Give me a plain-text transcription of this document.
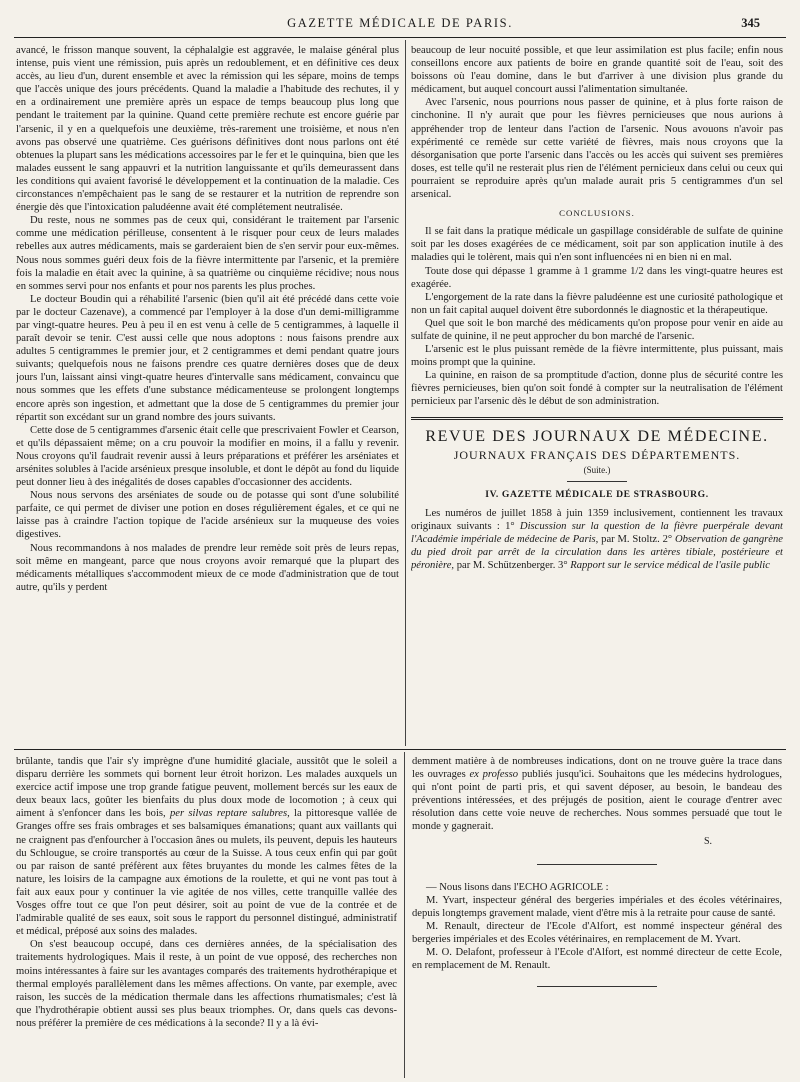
GAZETTE MÉDICALE DE PARIS.	345

avancé, le frisson manque souvent, la céphalalgie est aggravée, le malaise général plus intense, puis vient une rémission, puis après un redoublement, et en définitive ces deux accès, au lieu d'un, durent ensemble et avec la rémission qui les sépare, moins de temps que l'accès unique des jours précédents. Quand la maladie a l'habitude des rechutes, il y en a ordinairement une première après un espace de temps beaucoup plus long que pendant le traitement par la quinine. Quand cette première rechute est encore guérie par l'arsenic, il y en a quelquefois une deuxième, très-rarement une troisième, et nous n'en avons pas observé une quatrième. Ces guérisons définitives dont nous parlons ont été obtenues la plupart sans les médications accessoires par le fer et le quinquina, bien que les malades eussent le sang appauvri et la nutrition languissante et qu'ils demeurassent dans les conditions qui avaient favorisé le développement et la continuation de la maladie. Ces circonstances n'empêchaient pas le sang de se restaurer et la nutrition de reprendre son énergie dès que l'intoxication paludéenne avait été complétement neutralisée.

Du reste, nous ne sommes pas de ceux qui, considérant le traitement par l'arsenic comme une médication périlleuse, consentent à le risquer pour ceux de leurs malades rebelles aux autres médicaments, mais se garderaient bien de s'en servir pour eux-mêmes. Nous nous sommes guéri deux fois de la fièvre intermittente par l'arsenic, et la première fois la maladie en était avec la quinine, à sa quatrième ou cinquième récidive; nous nous en sommes servi pour nos enfants et pour nos parents les plus proches.

Le docteur Boudin qui a réhabilité l'arsenic (bien qu'il ait été précédé dans cette voie par le docteur Cazenave), a commencé par l'employer à la dose d'un demi-milligramme par vingt-quatre heures. Peu à peu il en est venu à celle de 5 centigrammes, à laquelle il paraît devoir se tenir. C'est aussi celle que nous adoptons : nous faisons prendre aux adultes 5 centigrammes le premier jour, et 2 centigrammes et demi pendant quatre jours suivants; quelquefois nous ne faisons prendre ces quatre dernières doses que de deux jours l'un, laissant ainsi vingt-quatre heures d'intervalle sans médicament, convaincu que nous sommes que les effets d'une substance médicamenteuse se prolongent longtemps encore après son ingestion, et admettant que la dose de 5 centigrammes du premier jour répartit son excédant sur un grand nombre des jours suivants.

Cette dose de 5 centigrammes d'arsenic était celle que prescrivaient Fowler et Cearson, et qu'ils dépassaient même; on a cru pouvoir la modifier en moins, il a fallu y revenir. Nous croyons qu'il faudrait revenir aussi à leurs préparations et préférer les arséniates et arsénites solubles à l'acide arsénieux presque insoluble, et dont le dépôt au fond du liquide peut donner lieu à des inégalités de doses capables d'occasionner des accidents.

Nous nous servons des arséniates de soude ou de potasse qui sont d'une solubilité parfaite, ce qui permet de diviser une potion en doses régulièrement égales, et ce qui ne laisse pas à craindre l'action topique de l'acide arsénieux sur la muqueuse des voies digestives.

Nous recommandons à nos malades de prendre leur remède soit près de leurs repas, soit même en mangeant, parce que nous croyons avoir remarqué que la plupart des médicaments métalliques s'accommodent mieux de ce mode d'administration que de tout autre, qu'ils y perdent

beaucoup de leur nocuité possible, et que leur assimilation est plus facile; enfin nous conseillons encore aux patients de boire en grande quantité soit de l'eau, soit des boissons où l'eau domine, dans le but d'arriver à une division plus grande du médicament, but auquel concourt aussi l'alimentation simultanée.

Avec l'arsenic, nous pourrions nous passer de quinine, et à plus forte raison de cinchonine. Il n'y aurait que pour les fièvres pernicieuses que nous aurions à appréhender trop de lenteur dans l'action de l'arsenic. Nous avouons n'avoir pas expérimenté ce remède sur cette variété de fièvres, mais nous croyons que la désorganisation que porte l'arsenic dans l'accès ou les accès qui suivent ses premières doses, est telle qu'il ne resterait plus rien de l'élément pernicieux dans celui ou ceux qui pourraient se reproduire après qu'un malade aurait pris 5 centigrammes d'un sel arsenical.

CONCLUSIONS.

Il se fait dans la pratique médicale un gaspillage considérable de sulfate de quinine soit par les doses exagérées de ce médicament, soit par son application inutile à des maladies qui le tolèrent, mais qui n'en sont influencées ni en bien ni en mal.

Toute dose qui dépasse 1 gramme à 1 gramme 1/2 dans les vingt-quatre heures est exagérée.

L'engorgement de la rate dans la fièvre paludéenne est une curiosité pathologique et non un fait capital auquel doivent être subordonnés le diagnostic et la thérapeutique.

Quel que soit le bon marché des médicaments qu'on propose pour venir en aide au sulfate de quinine, il ne peut approcher du bon marché de l'arsenic.

L'arsenic est le plus puissant remède de la fièvre intermittente, plus puissant, mais moins prompt que la quinine.

La quinine, en raison de sa promptitude d'action, donne plus de sécurité contre les fièvres pernicieuses, bien qu'on soit fondé à compter sur la neutralisation de l'élément pernicieux par l'arsenic dès le début de son administration.

REVUE DES JOURNAUX DE MÉDECINE.
JOURNAUX FRANÇAIS DES DÉPARTEMENTS.
(Suite.)
IV. GAZETTE MÉDICALE DE STRASBOURG.

Les numéros de juillet 1858 à juin 1359 inclusivement, contiennent les travaux originaux suivants : 1° Discussion sur la question de la fièvre puerpérale devant l'Académie impériale de médecine de Paris, par M. Stoltz. 2° Observation de gangrène du pied droit par arrêt de la circulation dans les artères tibiale, postérieure et péronière, par M. Schützenberger. 3° Rapport sur le service médical de l'asile public

brûlante, tandis que l'air s'y imprègne d'une humidité glaciale, aussitôt que le soleil a disparu derrière les sommets qui bornent leur étroit horizon. Les malades auxquels un exercice actif impose une trop grande fatigue peuvent, mollement bercés sur les eaux de deux beaux lacs, goûter les bienfaits du plus doux mode de locomotion ; à ceux qui aiment à s'enfoncer dans les bois, per silvas reptare salubres, la pittoresque vallée de Granges offre ses frais ombrages et ses balsamiques émanations; quant aux vaillants qui ne craignent pas d'enfourcher à l'occasion ânes ou mulets, ils peuvent, depuis les hauteurs du Schlougue, se croire transportés au cœur de la Suisse. A tous ceux enfin qui par goût ou par raison de santé préfèrent aux fêtes bruyantes du monde les calmes fêtes de la nature, les loisirs de la campagne aux émotions de la roulette, et qui ne vont pas tout à fait aux eaux pour y continuer la vie agitée de nos villes, cette tranquille vallée des Vosges offre tout ce que l'on peut désirer, soit au point de vue de la contrée et de l'admirable qualité de ses eaux, soit sous le rapport du personnel distingué, administratif et médical, préposé aux soins des malades.

On s'est beaucoup occupé, dans ces dernières années, de la spécialisation des traitements hydrologiques. Mais il reste, à un point de vue opposé, des recherches non moins intéressantes à faire sur les avantages comparés des traitements hydrothérapique et thermal employés parallèlement dans les mêmes affections. On vante, par exemple, avec raison, les succès de la médication thermale dans les affections rhumatismales; c'est là que l'hydrothérapie obtient aussi ses plus beaux triomphes. Or, dans quels cas devons-nous préférer la première de ces médications à la seconde? Il y a là évi-

demment matière à de nombreuses indications, dont on ne trouve guère la trace dans les ouvrages ex professo publiés jusqu'ici. Souhaitons que les médecins hydrologues, qui n'ont point de parti pris, et qui savent déposer, au besoin, le bandeau des préventions intéressées, et des préjugés de position, aient le courage d'entrer avec résolution dans cette voie neuve de recherches. Nous sommes persuadé que tout le monde y gagnerait.

S.

— Nous lisons dans l'ECHO AGRICOLE :

M. Yvart, inspecteur général des bergeries impériales et des écoles vétérinaires, depuis longtemps gravement malade, vient d'être mis à la retraite pour cause de santé.

M. Renault, directeur de l'Ecole d'Alfort, est nommé inspecteur général des bergeries impériales et des Ecoles vétérinaires, en remplacement de M. Yvart.

M. O. Delafont, professeur à l'Ecole d'Alfort, est nommé directeur de cette Ecole, en remplacement de M. Renault.
